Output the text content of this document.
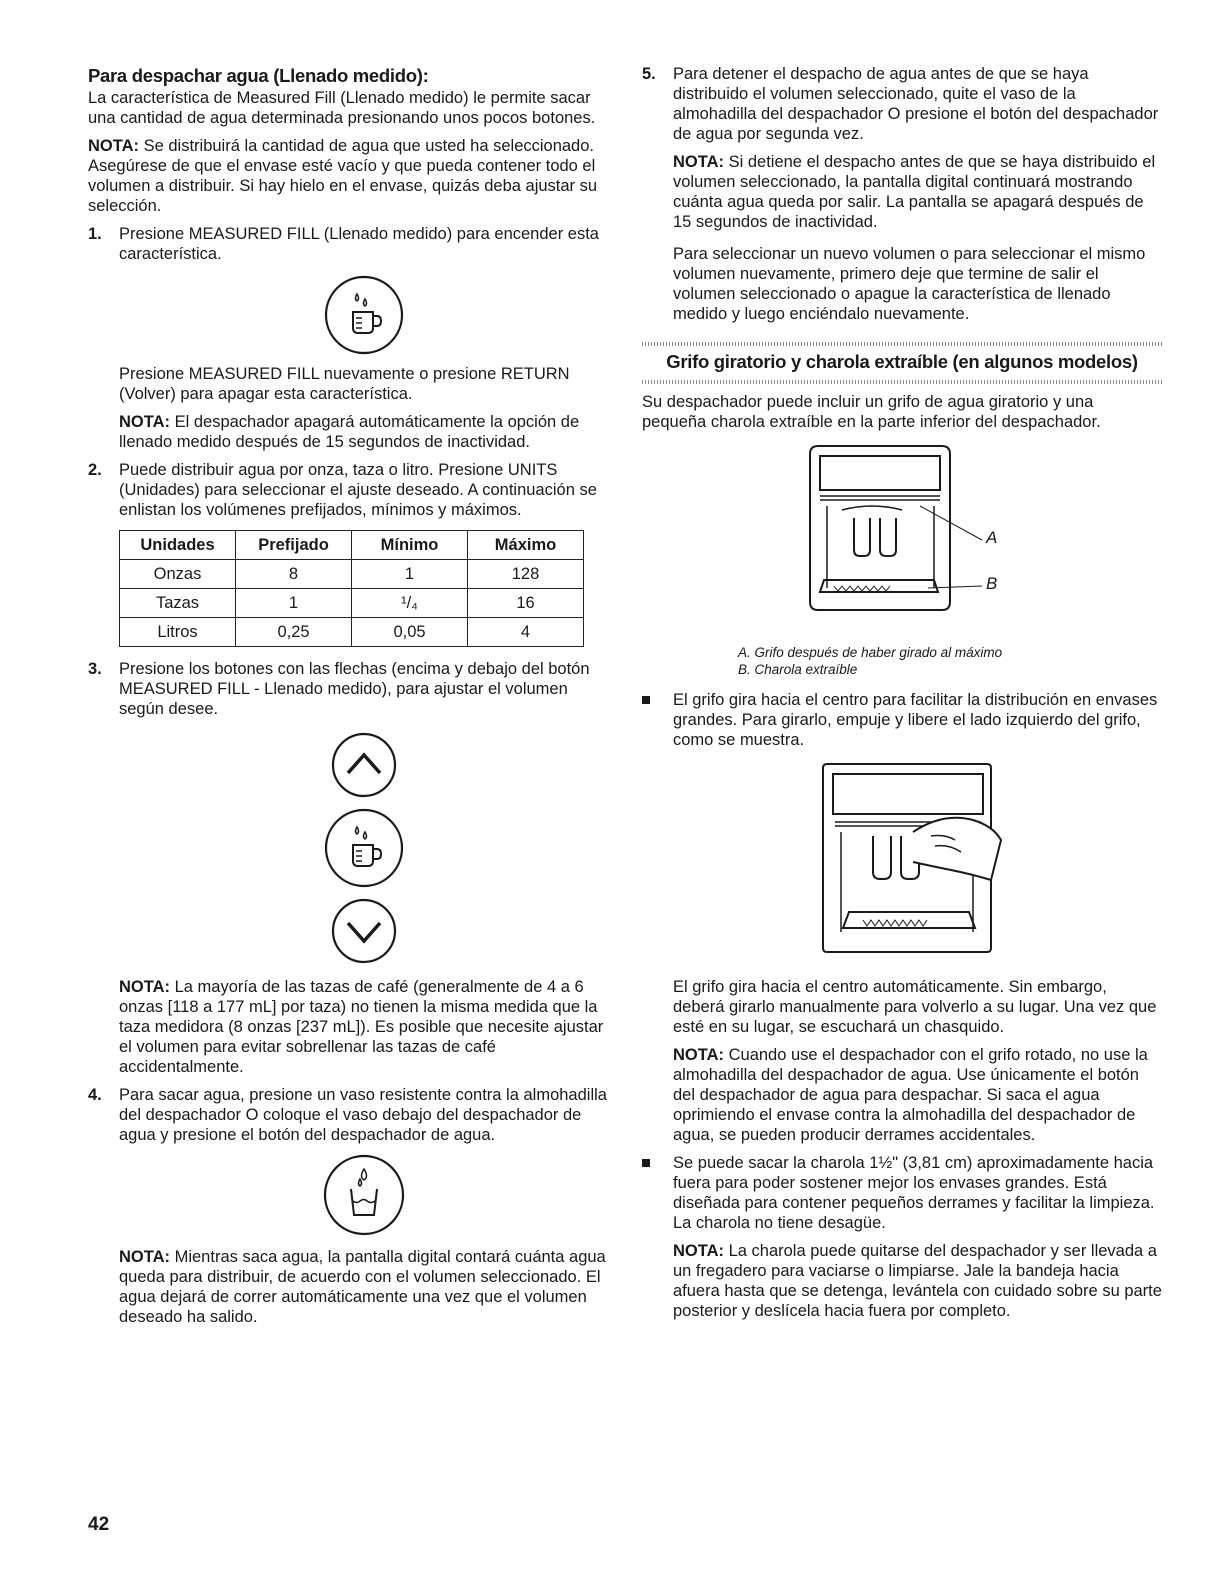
Para despachar agua (Llenado medido):

La característica de Measured Fill (Llenado medido) le permite sacar una cantidad de agua determinada presionando unos pocos botones.

NOTA: Se distribuirá la cantidad de agua que usted ha seleccionado. Asegúrese de que el envase esté vacío y que pueda contener todo el volumen a distribuir. Si hay hielo en el envase, quizás deba ajustar su selección.

1. Presione MEASURED FILL (Llenado medido) para encender esta característica.

Presione MEASURED FILL nuevamente o presione RETURN (Volver) para apagar esta característica.

NOTA: El despachador apagará automáticamente la opción de llenado medido después de 15 segundos de inactividad.

2. Puede distribuir agua por onza, taza o litro. Presione UNITS (Unidades) para seleccionar el ajuste deseado. A continuación se enlistan los volúmenes prefijados, mínimos y máximos.

Unidades	Prefijado	Mínimo	Máximo
Onzas	8	1	128
Tazas	1	¹/₄	16
Litros	0,25	0,05	4
3. Presione los botones con las flechas (encima y debajo del botón MEASURED FILL - Llenado medido), para ajustar el volumen según desee.

NOTA: La mayoría de las tazas de café (generalmente de 4 a 6 onzas [118 a 177 mL] por taza) no tienen la misma medida que la taza medidora (8 onzas [237 mL]). Es posible que necesite ajustar el volumen para evitar sobrellenar las tazas de café accidentalmente.

4. Para sacar agua, presione un vaso resistente contra la almohadilla del despachador O coloque el vaso debajo del despachador de agua y presione el botón del despachador de agua.

NOTA: Mientras saca agua, la pantalla digital contará cuánta agua queda para distribuir, de acuerdo con el volumen seleccionado. El agua dejará de correr automáticamente una vez que el volumen deseado ha salido.

5. Para detener el despacho de agua antes de que se haya distribuido el volumen seleccionado, quite el vaso de la almohadilla del despachador O presione el botón del despachador de agua por segunda vez.

NOTA: Si detiene el despacho antes de que se haya distribuido el volumen seleccionado, la pantalla digital continuará mostrando cuánta agua queda por salir. La pantalla se apagará después de 15 segundos de inactividad.

Para seleccionar un nuevo volumen o para seleccionar el mismo volumen nuevamente, primero deje que termine de salir el volumen seleccionado o apague la característica de llenado medido y luego enciéndalo nuevamente.

Grifo giratorio y charola extraíble (en algunos modelos)

Su despachador puede incluir un grifo de agua giratorio y una pequeña charola extraíble en la parte inferior del despachador.

A
B

A. Grifo después de haber girado al máximo

B. Charola extraíble

El grifo gira hacia el centro para facilitar la distribución en envases grandes. Para girarlo, empuje y libere el lado izquierdo del grifo, como se muestra.

El grifo gira hacia el centro automáticamente. Sin embargo, deberá girarlo manualmente para volverlo a su lugar. Una vez que esté en su lugar, se escuchará un chasquido.

NOTA: Cuando use el despachador con el grifo rotado, no use la almohadilla del despachador de agua. Use únicamente el botón del despachador de agua para despachar. Si saca el agua oprimiendo el envase contra la almohadilla del despachador de agua, se pueden producir derrames accidentales.

Se puede sacar la charola 1½" (3,81 cm) aproximadamente hacia fuera para poder sostener mejor los envases grandes. Está diseñada para contener pequeños derrames y facilitar la limpieza. La charola no tiene desagüe.

NOTA: La charola puede quitarse del despachador y ser llevada a un fregadero para vaciarse o limpiarse. Jale la bandeja hacia afuera hasta que se detenga, levántela con cuidado sobre su parte posterior y deslícela hacia fuera por completo.

42
